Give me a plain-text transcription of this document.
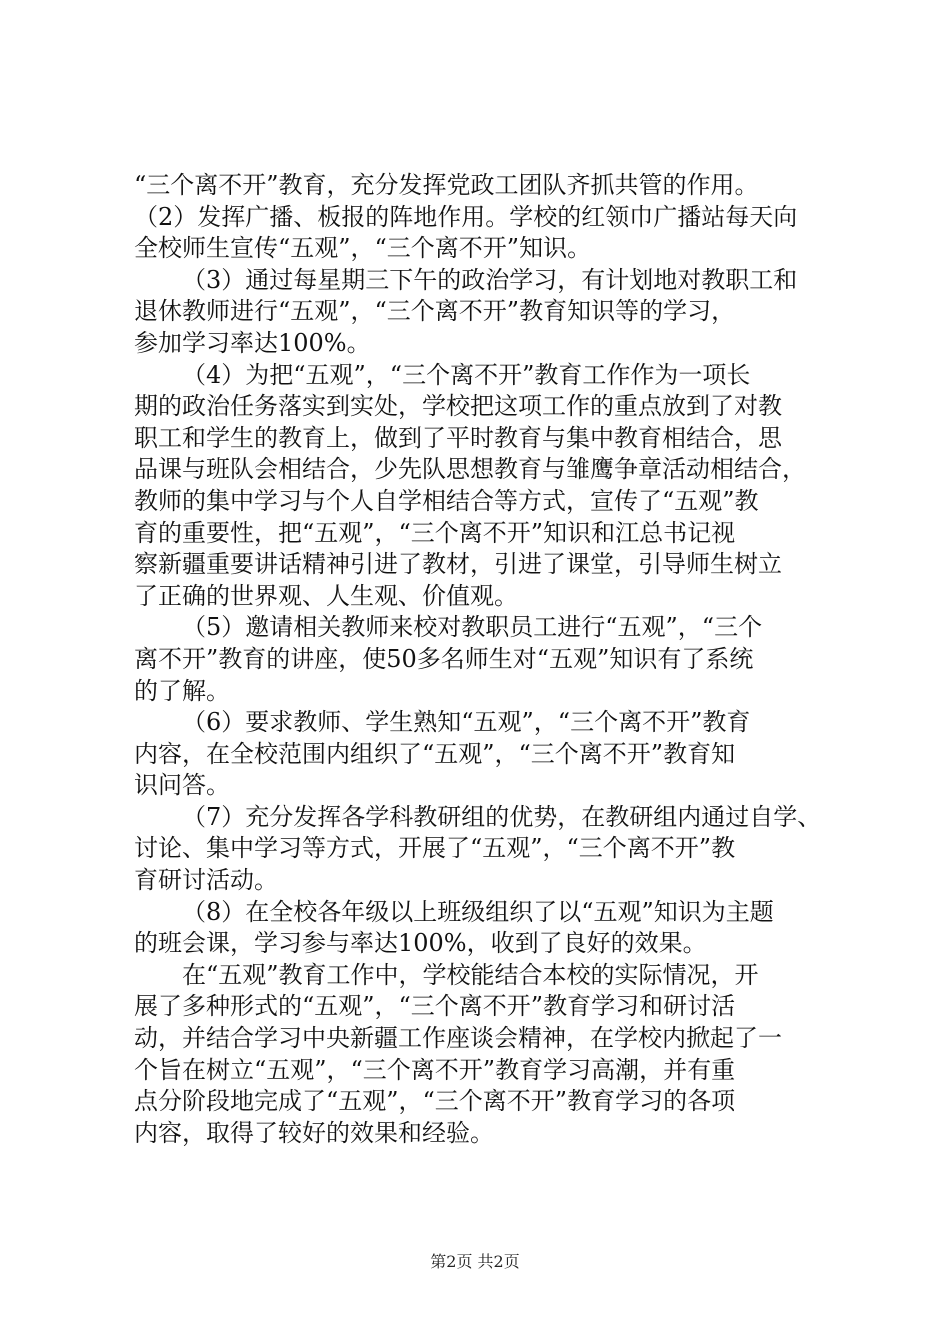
“三个离不开”教育，充分发挥党政工团队齐抓共管的作用。
（2）发挥广播、板报的阵地作用。学校的红领巾广播站每天向
全校师生宣传“五观”，“三个离不开”知识。
（3）通过每星期三下午的政治学习，有计划地对教职工和
退休教师进行“五观”，“三个离不开”教育知识等的学习，
参加学习率达100%。
（4）为把“五观”，“三个离不开”教育工作作为一项长
期的政治任务落实到实处，学校把这项工作的重点放到了对教
职工和学生的教育上，做到了平时教育与集中教育相结合，思
品课与班队会相结合，少先队思想教育与雏鹰争章活动相结合，
教师的集中学习与个人自学相结合等方式，宣传了“五观”教
育的重要性，把“五观”，“三个离不开”知识和江总书记视
察新疆重要讲话精神引进了教材，引进了课堂，引导师生树立
了正确的世界观、人生观、价值观。
（5）邀请相关教师来校对教职员工进行“五观”，“三个
离不开”教育的讲座，使50多名师生对“五观”知识有了系统
的了解。
（6）要求教师、学生熟知“五观”，“三个离不开”教育
内容，在全校范围内组织了“五观”，“三个离不开”教育知
识问答。
（7）充分发挥各学科教研组的优势，在教研组内通过自学、
讨论、集中学习等方式，开展了“五观”，“三个离不开”教
育研讨活动。
（8）在全校各年级以上班级组织了以“五观”知识为主题
的班会课，学习参与率达100%，收到了良好的效果。
在“五观”教育工作中，学校能结合本校的实际情况，开
展了多种形式的“五观”，“三个离不开”教育学习和研讨活
动，并结合学习中央新疆工作座谈会精神，在学校内掀起了一
个旨在树立“五观”，“三个离不开”教育学习高潮，并有重
点分阶段地完成了“五观”，“三个离不开”教育学习的各项
内容，取得了较好的效果和经验。
第2页 共2页
